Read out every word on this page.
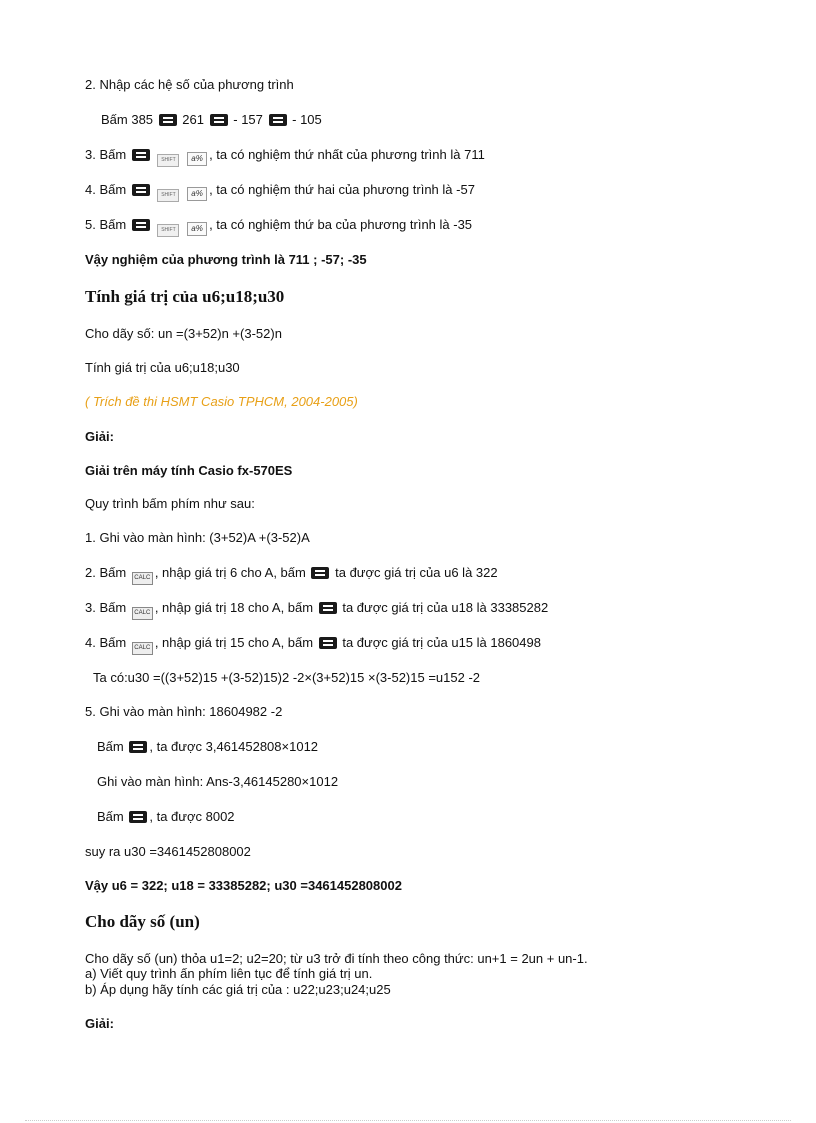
2. Nhập các hệ số của phương trình
Bấm 385 261 - 157 - 105
3. Bấm	SHIFT a% , ta có nghiệm thứ nhất của phương trình là 711
4. Bấm	SHIFT a% , ta có nghiệm thứ hai của phương trình là -57
5. Bấm	SHIFT a% , ta có nghiệm thứ ba của phương trình là -35
Vậy nghiệm của phương trình là 711 ; -57; -35
Tính giá trị của u6;u18;u30
Cho dãy số: un =(3+52)n +(3-52)n
Tính giá trị của u6;u18;u30
( Trích đề thi HSMT Casio TPHCM, 2004-2005)
Giải:
Giải trên máy tính Casio fx-570ES
Quy trình bấm phím như sau:
1. Ghi vào màn hình: (3+52)A +(3-52)A
2. Bấm CALC , nhập giá trị 6 cho A, bấm ta được giá trị của u6 là 322
3. Bấm CALC , nhập giá trị 18 cho A, bấm ta được giá trị của u18 là 33385282
4. Bấm CALC , nhập giá trị 15 cho A, bấm ta được giá trị của u15 là 1860498
Ta có:u30 =((3+52)15 +(3-52)15)2 -2×(3+52)15 ×(3-52)15 =u152 -2
5. Ghi vào màn hình: 18604982 -2
Bấm , ta được 3,461452808×1012
Ghi vào màn hình: Ans-3,46145280×1012
Bấm , ta được 8002
suy ra u30 =3461452808002
Vậy u6 = 322; u18 = 33385282; u30 =3461452808002
Cho dãy số (un)
Cho dãy số (un) thỏa u1=2; u2=20; từ u3 trở đi tính theo công thức: un+1 = 2un + un-1.
a) Viết quy trình ấn phím liên tục để tính giá trị un.
b) Áp dụng hãy tính các giá trị của : u22;u23;u24;u25
Giải:
